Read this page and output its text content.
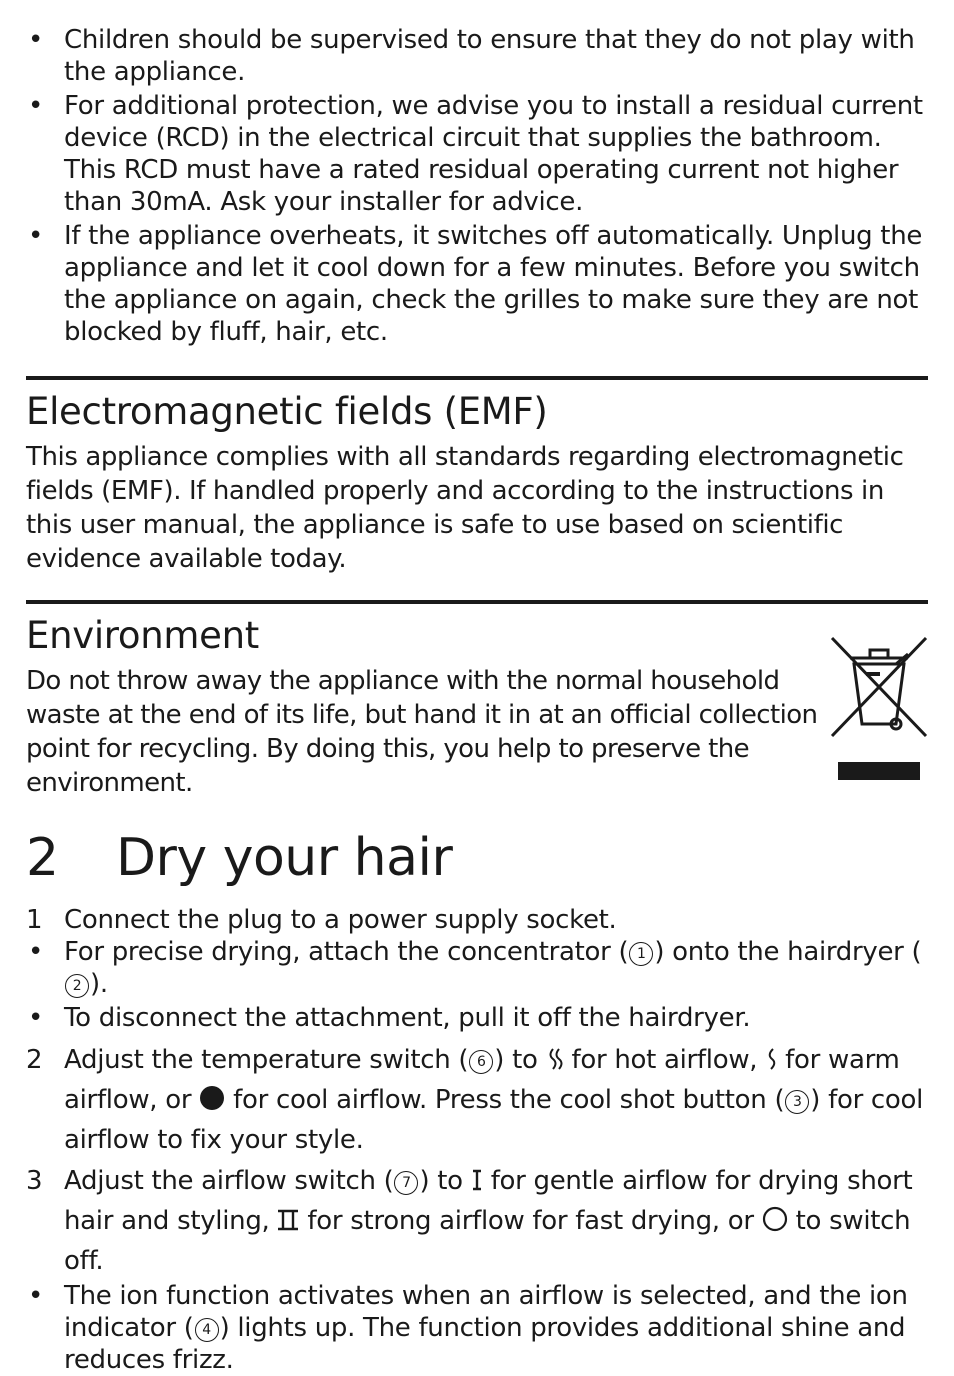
• Children should be supervised to ensure that they do not play with the appliance.
• For additional protection, we advise you to install a residual current device (RCD) in the electrical circuit that supplies the bathroom. This RCD must have a rated residual operating current not higher than 30mA. Ask your installer for advice.
• If the appliance overheats, it switches off automatically. Unplug the appliance and let it cool down for a few minutes. Before you switch the appliance on again, check the grilles to make sure they are not blocked by fluff, hair, etc.
Electromagnetic fields (EMF)

This appliance complies with all standards regarding electromagnetic fields (EMF). If handled properly and according to the instructions in this user manual, the appliance is safe to use based on scientific evidence available today.

Environment

Do not throw away the appliance with the normal household waste at the end of its life, but hand it in at an official collection point for recycling. By doing this, you help to preserve the environment.

2 Dry your hair
1 Connect the plug to a power supply socket.
• For precise drying, attach the concentrator ( 1 ) onto the hairdryer (2 ).
• To disconnect the attachment, pull it off the hairdryer.
2 Adjust the temperature switch ( 6 ) to  for hot airflow,  for warm airflow, or  for cool airflow. Press the cool shot button ( 3 ) for cool airflow to fix your style.
3 Adjust the airflow switch ( 7 ) to  for gentle airflow for drying short hair and styling,  for strong airflow for fast drying, or  to switch off.
• The ion function activates when an airflow is selected, and the ion indicator ( 4 ) lights up. The function provides additional shine and reduces frizz.
